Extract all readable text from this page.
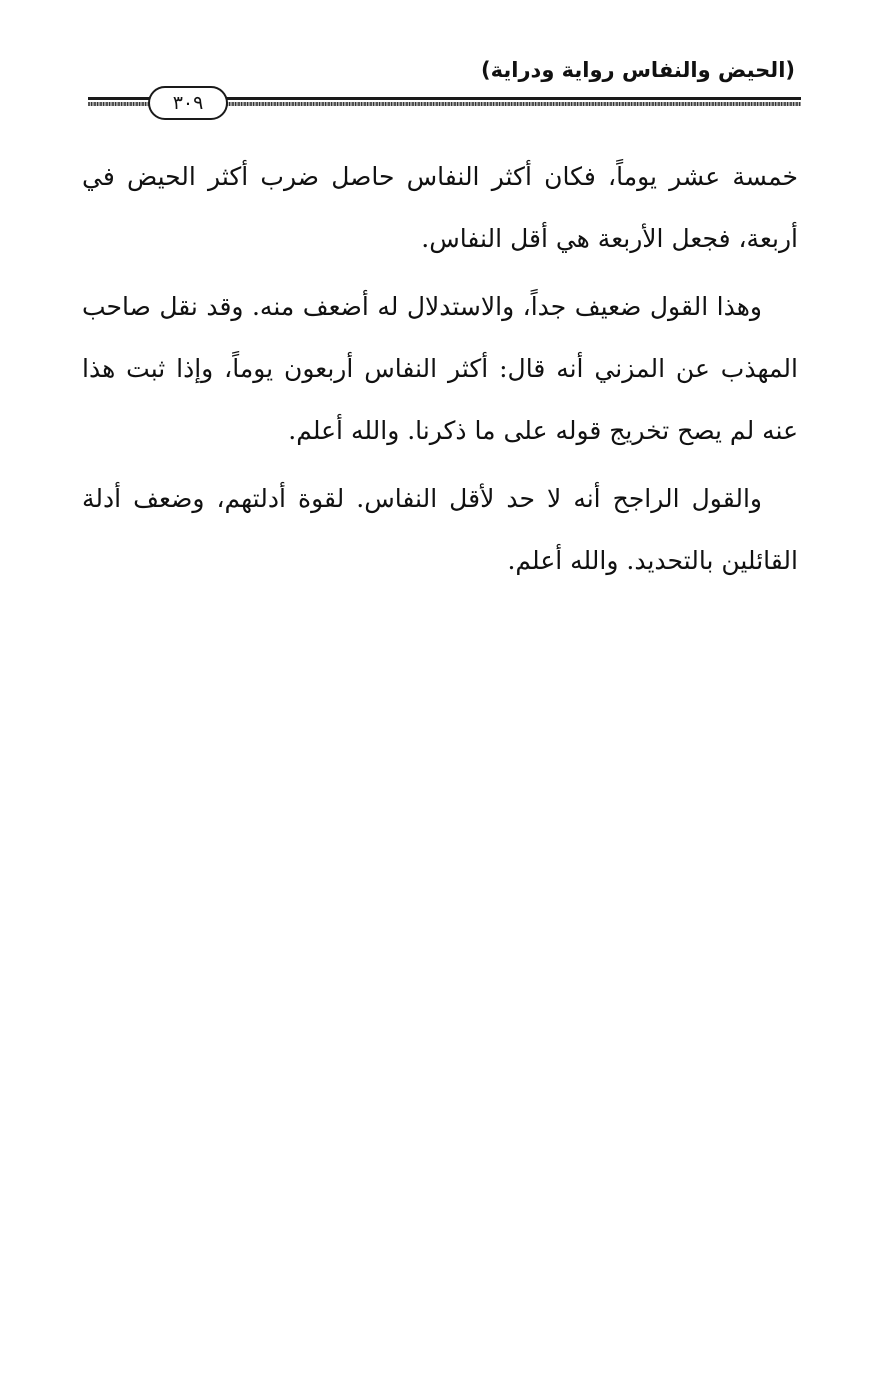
(الحيض والنفاس رواية ودراية)
٣٠٩

خمسة عشر يوماً، فكان أكثر النفاس حاصل ضرب أكثر الحيض في أربعة، فجعل الأربعة هي أقل النفاس.

وهذا القول ضعيف جداً، والاستدلال له أضعف منه. وقد نقل صاحب المهذب عن المزني أنه قال: أكثر النفاس أربعون يوماً، وإذا ثبت هذا عنه لم يصح تخريج قوله على ما ذكرنا. والله أعلم.

والقول الراجح أنه لا حد لأقل النفاس. لقوة أدلتهم، وضعف أدلة القائلين بالتحديد. والله أعلم.
